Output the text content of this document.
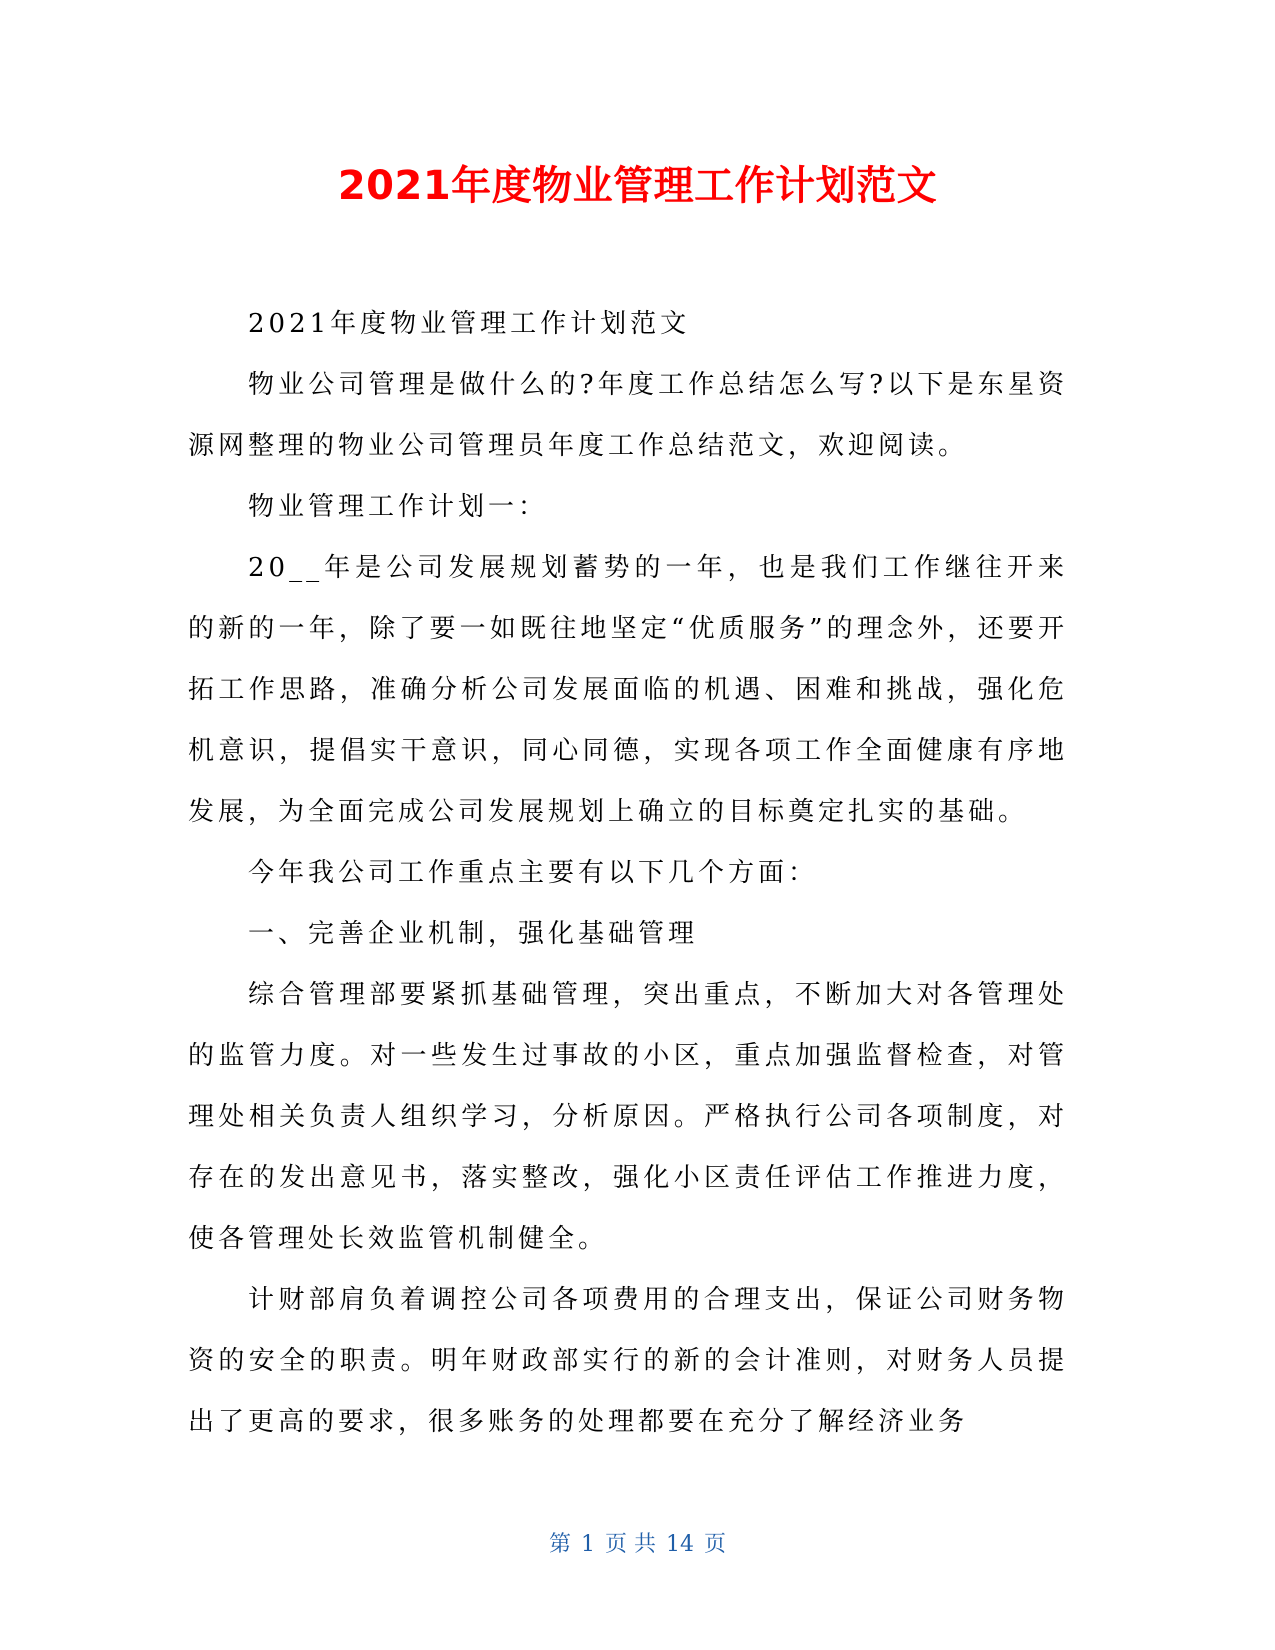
2021年度物业管理工作计划范文

2021年度物业管理工作计划范文

物业公司管理是做什么的?年度工作总结怎么写?以下是东星资源网整理的物业公司管理员年度工作总结范文，欢迎阅读。

物业管理工作计划一：

20__年是公司发展规划蓄势的一年，也是我们工作继往开来的新的一年，除了要一如既往地坚定“优质服务”的理念外，还要开拓工作思路，准确分析公司发展面临的机遇、困难和挑战，强化危机意识，提倡实干意识，同心同德，实现各项工作全面健康有序地发展，为全面完成公司发展规划上确立的目标奠定扎实的基础。

今年我公司工作重点主要有以下几个方面：

一、完善企业机制，强化基础管理

综合管理部要紧抓基础管理，突出重点，不断加大对各管理处的监管力度。对一些发生过事故的小区，重点加强监督检查，对管理处相关负责人组织学习，分析原因。严格执行公司各项制度，对存在的发出意见书，落实整改，强化小区责任评估工作推进力度，使各管理处长效监管机制健全。

计财部肩负着调控公司各项费用的合理支出，保证公司财务物资的安全的职责。明年财政部实行的新的会计准则，对财务人员提出了更高的要求，很多账务的处理都要在充分了解经济业务

第 1 页 共 14 页
